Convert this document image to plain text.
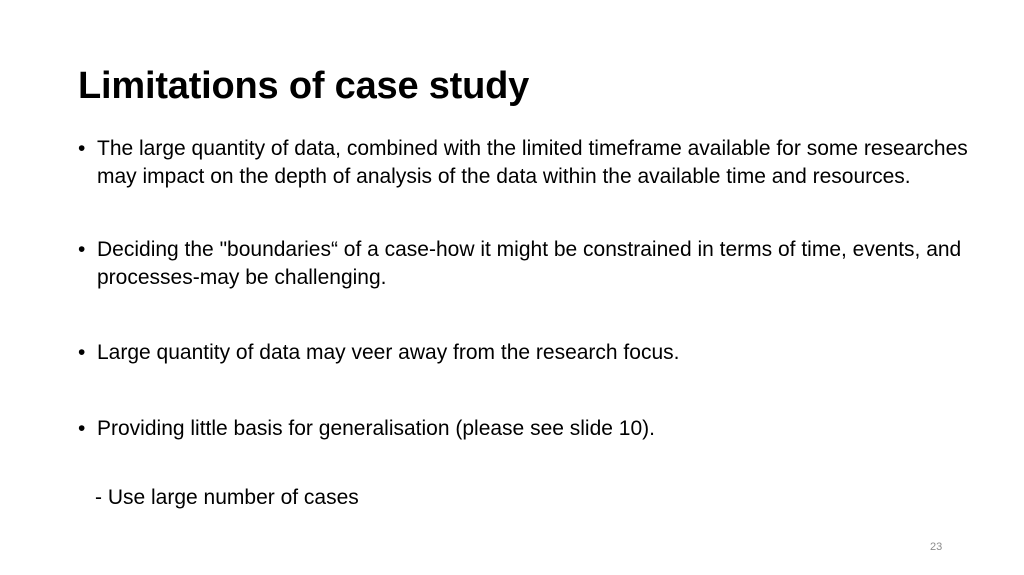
Limitations of case study
• The large quantity of data, combined with the limited timeframe available for some researches may impact on the depth of analysis of the data within the available time and resources.
• Deciding the "boundaries“ of a case-how it might be constrained in terms of time, events, and processes-may be challenging.
• Large quantity of data may veer away from the research focus.
• Providing little basis for generalisation (please see slide 10).

- Use large number of cases

23
